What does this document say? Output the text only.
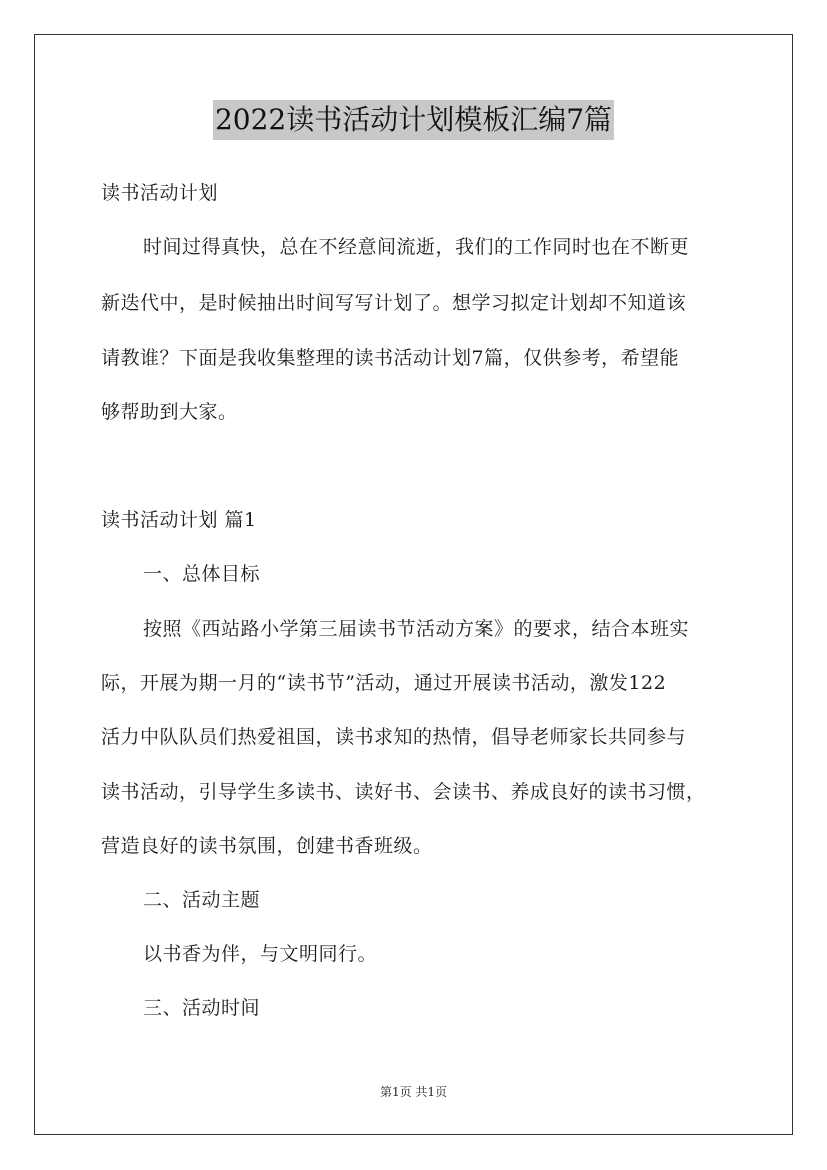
2022读书活动计划模板汇编7篇
读书活动计划
时间过得真快，总在不经意间流逝，我们的工作同时也在不断更
新迭代中，是时候抽出时间写写计划了。想学习拟定计划却不知道该
请教谁？下面是我收集整理的读书活动计划7篇，仅供参考，希望能
够帮助到大家。
读书活动计划 篇1
一、总体目标
按照《西站路小学第三届读书节活动方案》的要求，结合本班实
际，开展为期一月的“读书节”活动，通过开展读书活动，激发122
活力中队队员们热爱祖国，读书求知的热情，倡导老师家长共同参与
读书活动，引导学生多读书、读好书、会读书、养成良好的读书习惯，
营造良好的读书氛围，创建书香班级。
二、活动主题
以书香为伴，与文明同行。
三、活动时间
第1页 共1页
